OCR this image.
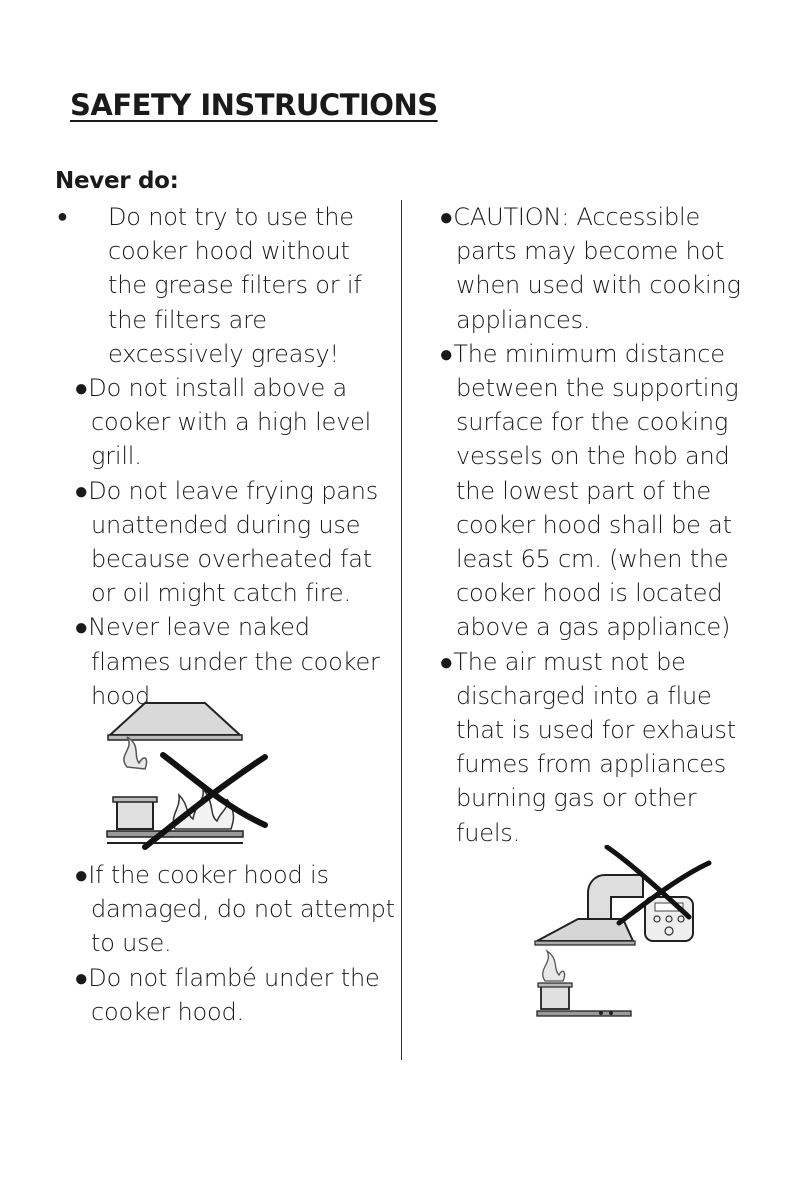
SAFETY INSTRUCTIONS
Never do:

●	Do not try to use the cooker hood without the grease filters or if the filters are excessively greasy!

●Do not install above a cooker with a high level grill.

●Do not leave frying pans unattended during use because overheated fat or oil might catch fire.

●Never leave naked flames under the cooker hood.

●If the cooker hood is damaged, do not attempt to use.

●Do not flambé under the cooker hood.

●CAUTION: Accessible parts may become hot when used with cooking appliances.

●The minimum distance between the supporting surface for the cooking vessels on the hob and the lowest part of the cooker hood shall be at least 65 cm. (when the cooker hood is located above a gas appliance)

●The air must not be discharged into a flue that is used for exhaust fumes from appliances burning gas or other fuels.
